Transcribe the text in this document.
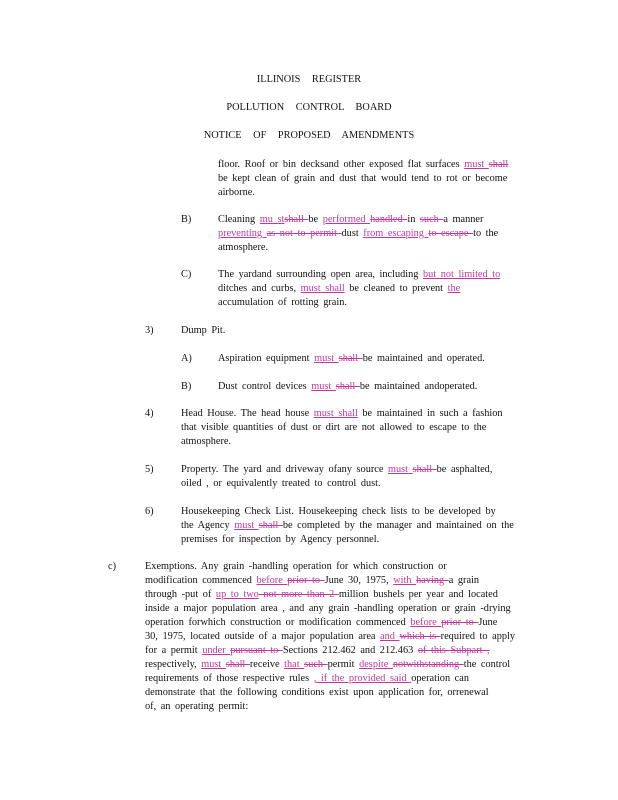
ILLINOIS REGISTER
POLLUTION CONTROL BOARD
NOTICE OF PROPOSED AMENDMENTS
floor. Roof or bin decksand other exposed flat surfaces must shall
be kept clean of grain and dust that would tend to rot or become
airborne.
B)	Cleaning mu stshall be performed handled in such a manner
preventing as not to permit dust from escaping to escape to the
atmosphere.
C)	The yardand surrounding open area, including but not limited to
ditches and curbs, must shall be cleaned to prevent the
accumulation of rotting grain.
3)	Dump Pit.
A)	Aspiration equipment must shall be maintained and operated.
B)	Dust control devices must shall be maintained andoperated.
4)	Head House. The head house must shall be maintained in such a fashion
that visible quantities of dust or dirt are not allowed to escape to the
atmosphere.
5)	Property. The yard and driveway ofany source must shall be asphalted,
oiled , or equivalently treated to control dust.
6)	Housekeeping Check List. Housekeeping check lists to be developed by
the Agency must shall be completed by the manager and maintained on the
premises for inspection by Agency personnel.
c)	Exemptions. Any grain -handling operation for which construction or
modification commenced before prior to June 30, 1975, with having a grain
through -put of up to two not more than 2 million bushels per year and located
inside a major population area , and any grain -handling operation or grain -drying
operation forwhich construction or modification commenced before prior to June
30, 1975, located outside of a major population area and which is required to apply
for a permit under pursuant to Sections 212.462 and 212.463 of this Subpart ,
respectively, must shall receive that such permit despite notwithstanding the control
requirements of those respective rules , if the provided said operation can
demonstrate that the following conditions exist upon application for, orrenewal
of, an operating permit:
